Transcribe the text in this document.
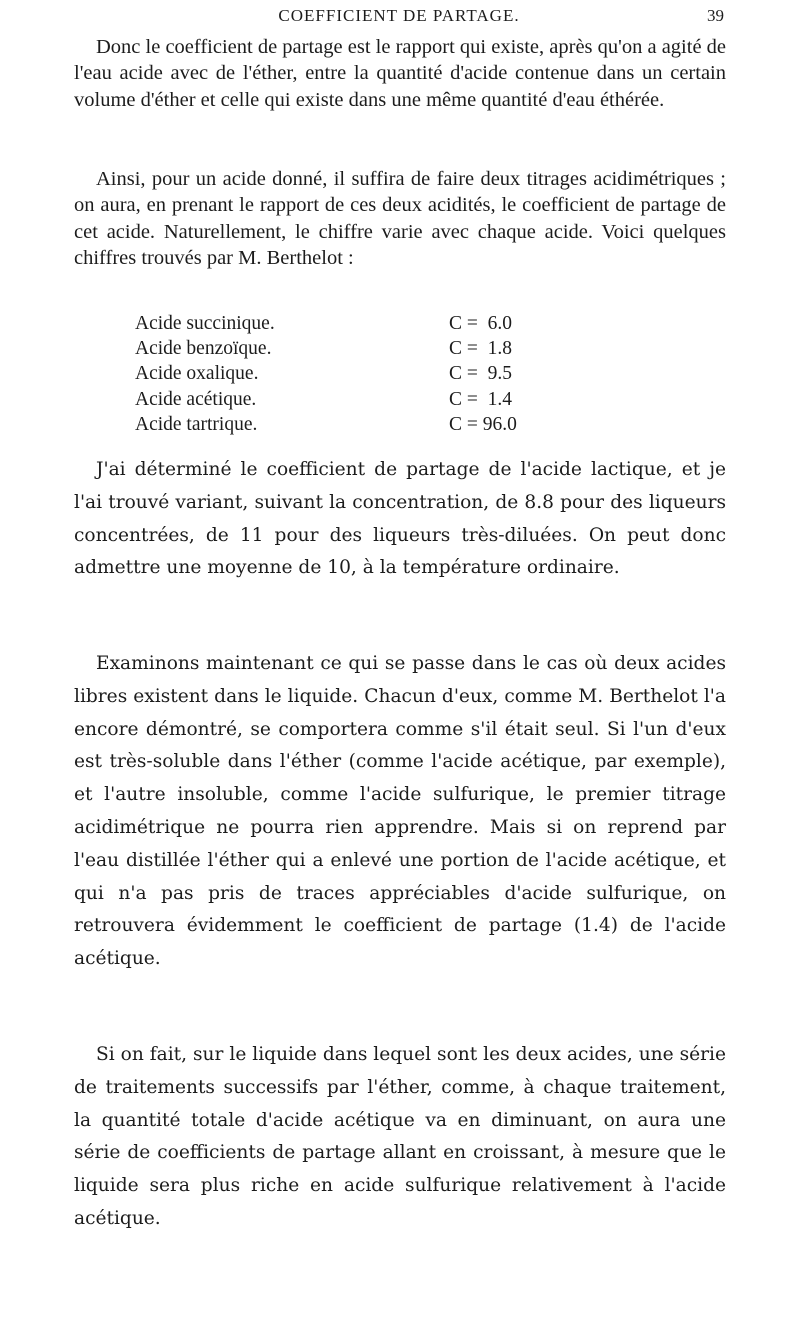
COEFFICIENT DE PARTAGE.	39

Donc le coefficient de partage est le rapport qui existe, après qu'on a agité de l'eau acide avec de l'éther, entre la quantité d'acide contenue dans un certain volume d'éther et celle qui existe dans une même quantité d'eau éthérée.

Ainsi, pour un acide donné, il suffira de faire deux titrages acidimétriques ; on aura, en prenant le rapport de ces deux acidités, le coefficient de partage de cet acide. Naturellement, le chiffre varie avec chaque acide. Voici quelques chiffres trouvés par M. Berthelot :

Acide succinique.	C =  6.0
Acide benzoïque.	C =  1.8
Acide oxalique.	C =  9.5
Acide acétique.	C =  1.4
Acide tartrique.	C = 96.0

J'ai déterminé le coefficient de partage de l'acide lactique, et je l'ai trouvé variant, suivant la concentration, de 8.8 pour des liqueurs concentrées, de 11 pour des liqueurs très-diluées. On peut donc admettre une moyenne de 10, à la température ordinaire.

Examinons maintenant ce qui se passe dans le cas où deux acides libres existent dans le liquide. Chacun d'eux, comme M. Berthelot l'a encore démontré, se comportera comme s'il était seul. Si l'un d'eux est très-soluble dans l'éther (comme l'acide acétique, par exemple), et l'autre insoluble, comme l'acide sulfurique, le premier titrage acidimétrique ne pourra rien apprendre. Mais si on reprend par l'eau distillée l'éther qui a enlevé une portion de l'acide acétique, et qui n'a pas pris de traces appréciables d'acide sulfurique, on retrouvera évidemment le coefficient de partage (1.4) de l'acide acétique.

Si on fait, sur le liquide dans lequel sont les deux acides, une série de traitements successifs par l'éther, comme, à chaque traitement, la quantité totale d'acide acétique va en diminuant, on aura une série de coefficients de partage allant en croissant, à mesure que le liquide sera plus riche en acide sulfurique relativement à l'acide acétique.
